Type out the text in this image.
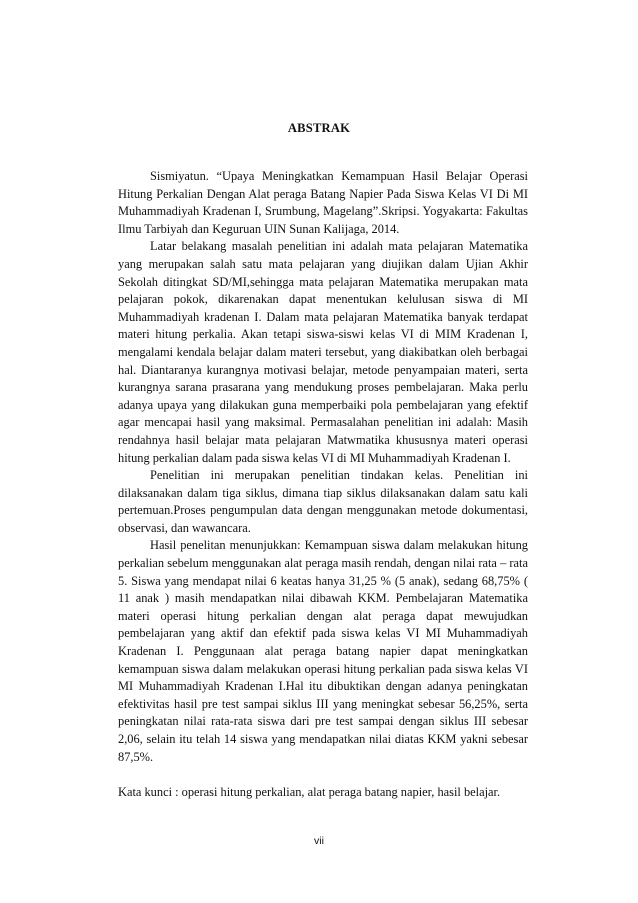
ABSTRAK

Sismiyatun. “Upaya Meningkatkan Kemampuan Hasil Belajar Operasi Hitung Perkalian Dengan Alat peraga Batang Napier Pada Siswa Kelas VI Di MI Muhammadiyah Kradenan I, Srumbung, Magelang”.Skripsi. Yogyakarta: Fakultas Ilmu Tarbiyah dan Keguruan UIN Sunan Kalijaga, 2014.

Latar belakang masalah penelitian ini adalah mata pelajaran Matematika yang merupakan salah satu mata pelajaran yang diujikan dalam Ujian Akhir Sekolah ditingkat SD/MI,sehingga mata pelajaran Matematika merupakan mata pelajaran pokok, dikarenakan dapat menentukan kelulusan siswa di MI Muhammadiyah kradenan I. Dalam mata pelajaran Matematika banyak terdapat materi hitung perkalia. Akan tetapi siswa-siswi kelas VI di MIM Kradenan I, mengalami kendala belajar dalam materi tersebut, yang diakibatkan oleh berbagai hal. Diantaranya kurangnya motivasi belajar, metode penyampaian materi, serta kurangnya sarana prasarana yang mendukung proses pembelajaran. Maka perlu adanya upaya yang dilakukan guna memperbaiki pola pembelajaran yang efektif agar mencapai hasil yang maksimal. Permasalahan penelitian ini adalah: Masih rendahnya hasil belajar mata pelajaran Matwmatika khususnya materi operasi hitung perkalian dalam pada siswa kelas VI di MI Muhammadiyah Kradenan I.

Penelitian ini merupakan penelitian tindakan kelas. Penelitian ini dilaksanakan dalam tiga siklus, dimana tiap siklus dilaksanakan dalam satu kali pertemuan.Proses pengumpulan data dengan menggunakan metode dokumentasi, observasi, dan wawancara.

Hasil penelitan menunjukkan: Kemampuan siswa dalam melakukan hitung perkalian sebelum menggunakan alat peraga masih rendah, dengan nilai rata – rata 5. Siswa yang mendapat nilai 6 keatas hanya 31,25 % (5 anak), sedang 68,75% ( 11 anak ) masih mendapatkan nilai dibawah KKM. Pembelajaran Matematika materi operasi hitung perkalian dengan alat peraga dapat mewujudkan pembelajaran yang aktif dan efektif pada siswa kelas VI MI Muhammadiyah Kradenan I. Penggunaan alat peraga batang napier dapat meningkatkan kemampuan siswa dalam melakukan operasi hitung perkalian pada siswa kelas VI MI Muhammadiyah Kradenan I.Hal itu dibuktikan dengan adanya peningkatan efektivitas hasil pre test sampai siklus III yang meningkat sebesar 56,25%, serta peningkatan nilai rata-rata siswa dari pre test sampai dengan siklus III sebesar 2,06, selain itu telah 14 siswa yang mendapatkan nilai diatas KKM yakni sebesar 87,5%.

Kata kunci : operasi hitung perkalian, alat peraga batang napier, hasil belajar.

vii
